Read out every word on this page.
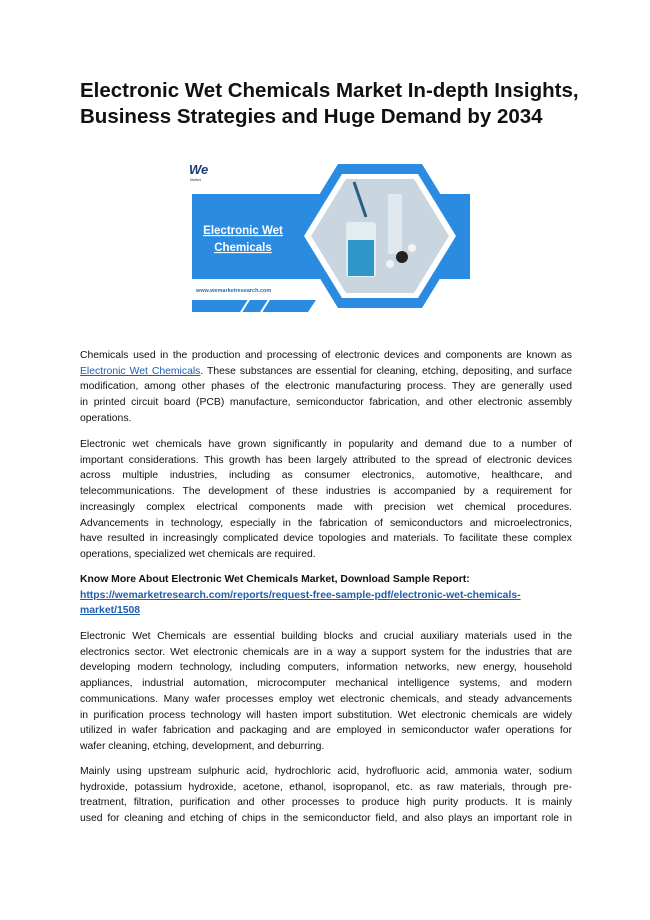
Electronic Wet Chemicals Market In-depth Insights,
Business Strategies and Huge Demand by 2034
We
Market
Electronic Wet
Chemicals
www.wemarketresearch.com
Chemicals used in the production and processing of electronic devices and components are known as
Electronic Wet Chemicals. These substances are essential for cleaning, etching, depositing, and surface
modification, among other phases of the electronic manufacturing process. They are generally used
in printed circuit board (PCB) manufacture, semiconductor fabrication, and other electronic assembly
operations.
Electronic wet chemicals have grown significantly in popularity and demand due to a number of
important considerations. This growth has been largely attributed to the spread of electronic devices
across multiple industries, including as consumer electronics, automotive, healthcare, and
telecommunications. The development of these industries is accompanied by a requirement for
increasingly complex electrical components made with precision wet chemical procedures.
Advancements in technology, especially in the fabrication of semiconductors and microelectronics,
have resulted in increasingly complicated device topologies and materials. To facilitate these complex
operations, specialized wet chemicals are required.
Know More About Electronic Wet Chemicals Market, Download Sample Report:
https://wemarketresearch.com/reports/request-free-sample-pdf/electronic-wet-chemicals-
market/1508
Electronic Wet Chemicals are essential building blocks and crucial auxiliary materials used in the
electronics sector. Wet electronic chemicals are in a way a support system for the industries that are
developing modern technology, including computers, information networks, new energy, household
appliances, industrial automation, microcomputer mechanical intelligence systems, and modern
communications. Many wafer processes employ wet electronic chemicals, and steady advancements
in purification process technology will hasten import substitution. Wet electronic chemicals are widely
utilized in wafer fabrication and packaging and are employed in semiconductor wafer operations for
wafer cleaning, etching, development, and deburring.
Mainly using upstream sulphuric acid, hydrochloric acid, hydrofluoric acid, ammonia water, sodium
hydroxide, potassium hydroxide, acetone, ethanol, isopropanol, etc. as raw materials, through pre-
treatment, filtration, purification and other processes to produce high purity products. It is mainly
used for cleaning and etching of chips in the semiconductor field, and also plays an important role in
